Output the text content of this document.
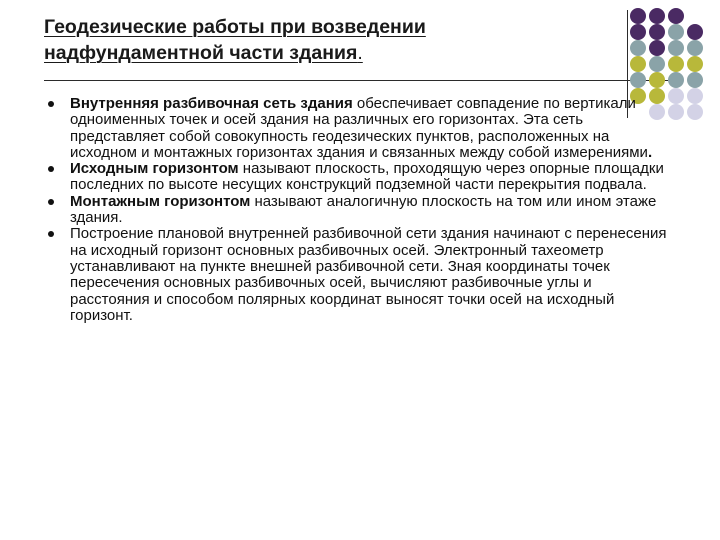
Геодезические работы при возведении
надфундаментной части здания.

Внутренняя разбивочная сеть здания обеспечивает совпадение по вертикали одноименных точек и осей здания на различных его горизонтах. Эта сеть представляет собой совокупность геодезических пунктов, расположенных на исходном и монтажных горизонтах здания и связанных между собой измерениями.

Исходным горизонтом называют плоскость, проходящую через опорные площадки последних по высоте несущих конструкций подземной части перекрытия подвала.

Монтажным горизонтом называют аналогичную плоскость на том или ином этаже здания.

Построение плановой внутренней разбивочной сети здания начинают с перенесения на исходный горизонт основных разбивочных осей. Электронный тахеометр устанавливают на пункте внешней разбивочной сети. Зная координаты точек пересечения основных разбивочных осей, вычисляют разбивочные углы и расстояния и способом полярных координат выносят точки осей на исходный горизонт.
